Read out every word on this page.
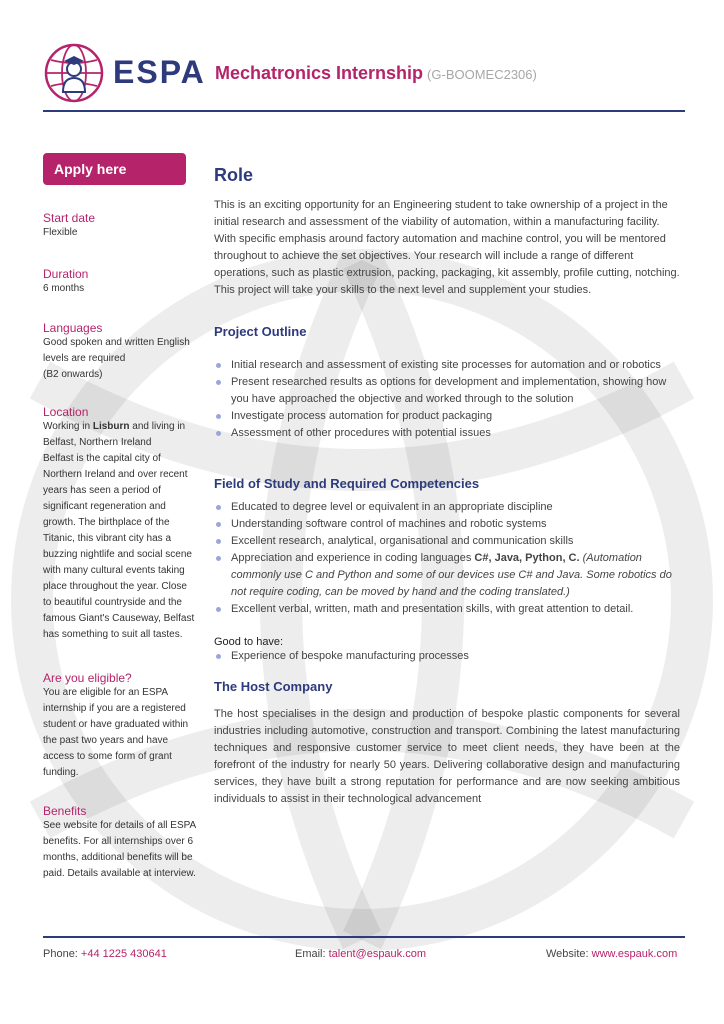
ESPA Mechatronics Internship (G-BOOMEC2306)
Apply here
Start date
Flexible
Duration
6 months
Languages
Good spoken and written English
levels are required
(B2 onwards)
Location
Working in Lisburn and living in
Belfast, Northern Ireland
Belfast is the capital city of
Northern Ireland and over recent
years has seen a period of
significant regeneration and
growth. The birthplace of the
Titanic, this vibrant city has a
buzzing nightlife and social scene
with many cultural events taking
place throughout the year. Close
to beautiful countryside and the
famous Giant's Causeway, Belfast
has something to suit all tastes.
Are you eligible?
You are eligible for an ESPA
internship if you are a registered
student or have graduated within
the past two years and have
access to some form of grant
funding.
Benefits
See website for details of all ESPA
benefits. For all internships over 6
months, additional benefits will be
paid. Details available at interview.
Role

This is an exciting opportunity for an Engineering student to take ownership of a project in the initial research and assessment of the viability of automation, within a manufacturing facility. With specific emphasis around factory automation and machine control, you will be mentored throughout to achieve the set objectives. Your research will include a range of different operations, such as plastic extrusion, packing, packaging, kit assembly, profile cutting, notching. This project will take your skills to the next level and supplement your studies.

Project Outline
Initial research and assessment of existing site processes for automation and or robotics
Present researched results as options for development and implementation, showing how you have approached the objective and worked through to the solution
Investigate process automation for product packaging
Assessment of other procedures with potential issues
Field of Study and Required Competencies
Educated to degree level or equivalent in an appropriate discipline
Understanding software control of machines and robotic systems
Excellent research, analytical, organisational and communication skills
Appreciation and experience in coding languages C#, Java, Python, C. (Automation commonly use C and Python and some of our devices use C# and Java. Some robotics do not require coding, can be moved by hand and the coding translated.)
Excellent verbal, written, math and presentation skills, with great attention to detail.
Good to have:
Experience of bespoke manufacturing processes
The Host Company

The host specialises in the design and production of bespoke plastic components for several industries including automotive, construction and transport. Combining the latest manufacturing techniques and responsive customer service to meet client needs, they have been at the forefront of the industry for nearly 50 years. Delivering collaborative design and manufacturing services, they have built a strong reputation for performance and are now seeking ambitious individuals to assist in their technological advancement

Phone: +44 1225 430641	Email: talent@espauk.com	Website: www.espauk.com
